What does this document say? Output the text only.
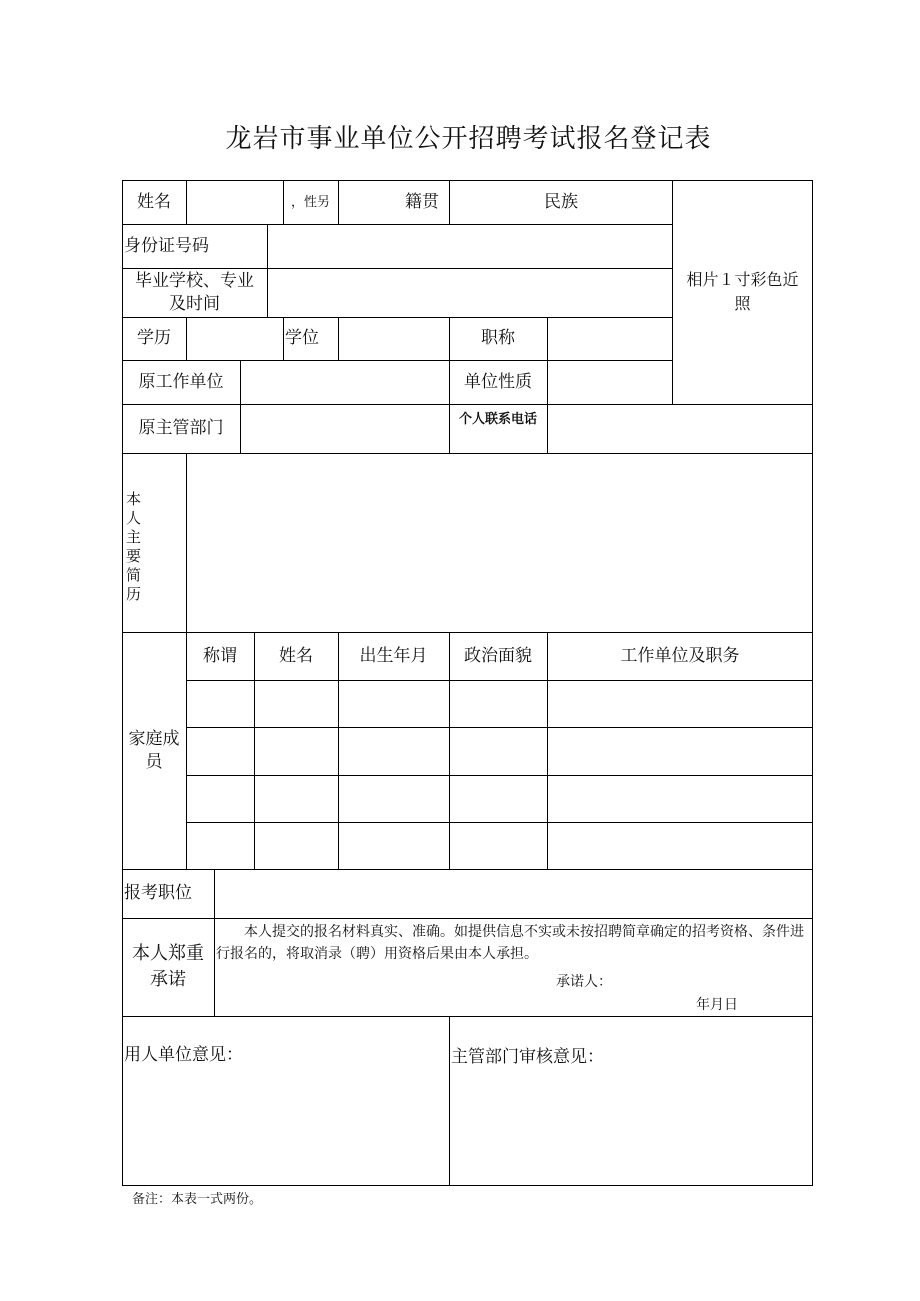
龙岩市事业单位公开招聘考试报名登记表
姓名	，性另	籍贯	民族
相片１寸彩色近
照
身份证号码
毕业学校、专业
及时间
学历	学位	职称
原工作单位	单位性质
原主管部门	个人联系电话
本人主要简历
家庭成
员
称谓	姓名	出生年月	政治面貌	工作单位及职务
报考职位
本人郑重
承诺
本人提交的报名材料真实、准确。如提供信息不实或未按招聘简章确定的招考资格、条件进行报名的，将取消录（聘）用资格后果由本人承担。
承诺人：
年月日
用人单位意见：	主管部门审核意见：
备注：本表一式两份。
